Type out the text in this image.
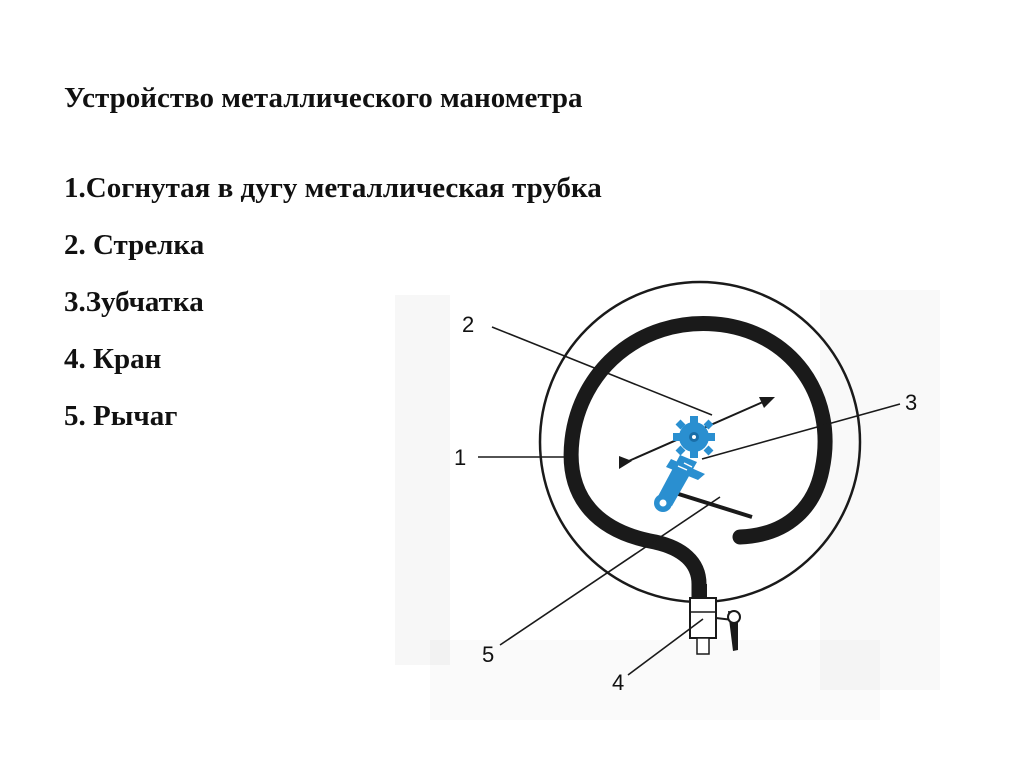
Устройство металлического манометра
1.Согнутая в дугу металлическая трубка
2. Стрелка
3.Зубчатка
4. Кран
5. Рычаг
2
3
1
5
4
